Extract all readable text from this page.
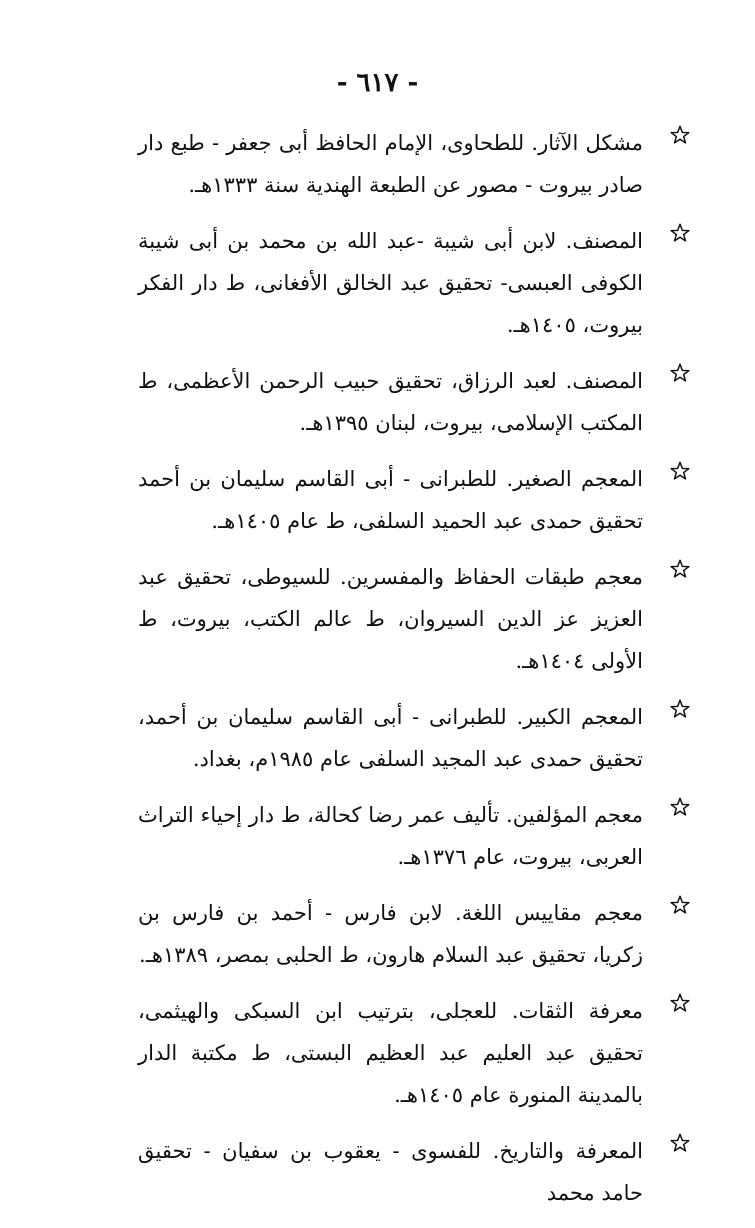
- ٦١٧ -

مشكل الآثار. للطحاوى، الإمام الحافظ أبى جعفر - طبع دار صادر بيروت - مصور عن الطبعة الهندية سنة ١٣٣٣هـ.

المصنف. لابن أبى شيبة -عبد الله بن محمد بن أبى شيبة الكوفى العبسى- تحقيق عبد الخالق الأفغانى، ط دار الفكر بيروت، ١٤٠٥هـ.

المصنف. لعبد الرزاق، تحقيق حبيب الرحمن الأعظمى، ط المكتب الإسلامى، بيروت، لبنان ١٣٩٥هـ.

المعجم الصغير. للطبرانى - أبى القاسم سليمان بن أحمد تحقيق حمدى عبد الحميد السلفى، ط عام ١٤٠٥هـ.

معجم طبقات الحفاظ والمفسرين. للسيوطى، تحقيق عبد العزيز عز الدين السيروان، ط عالم الكتب، بيروت، ط الأولى ١٤٠٤هـ.

المعجم الكبير. للطبرانى - أبى القاسم سليمان بن أحمد، تحقيق حمدى عبد المجيد السلفى عام ١٩٨٥م، بغداد.

معجم المؤلفين. تأليف عمر رضا كحالة، ط دار إحياء التراث العربى، بيروت، عام ١٣٧٦هـ.

معجم مقاييس اللغة. لابن فارس - أحمد بن فارس بن زكريا، تحقيق عبد السلام هارون، ط الحلبى بمصر، ١٣٨٩هـ.

معرفة الثقات. للعجلى، بترتيب ابن السبكى والهيثمى، تحقيق عبد العليم عبد العظيم البستى، ط مكتبة الدار بالمدينة المنورة عام ١٤٠٥هـ.

المعرفة والتاريخ. للفسوى - يعقوب بن سفيان - تحقيق حامد محمد
